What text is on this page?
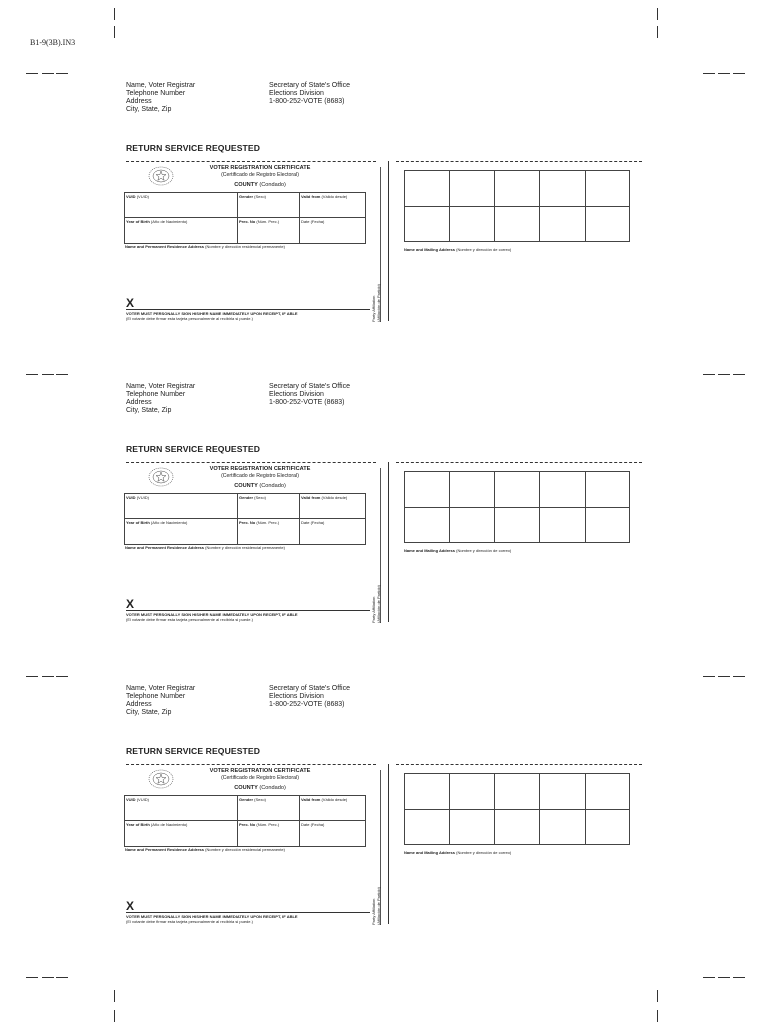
B1-9(3B).IN3
Name, Voter Registrar
Telephone Number
Address
City, State, Zip
Secretary of State's Office
Elections Division
1-800-252-VOTE (8683)
RETURN SERVICE REQUESTED
VOTER REGISTRATION CERTIFICATE
(Certificado de Registro Electoral)
COUNTY (Condado)
VUID (VUID)	Gender (Sexo)	Valid from (Válido desde)
Year of Birth (Año de Nacimiento)	Prec. No (Núm. Prec.)	Date (Fecha)
Name and Permanent Residence Address (Nombre y dirección residencial permanente)
X
VOTER MUST PERSONALLY SIGN HIS/HER NAME IMMEDIATELY UPON RECEIPT, IF ABLE
(El votante debe firmar esta tarjeta personalmente al recibirla si puede.)	Party Affiliation
(Afiliación de Partido)
Name and Mailing Address (Nombre y dirección de correo)
Name, Voter Registrar
Telephone Number
Address
City, State, Zip
Secretary of State's Office
Elections Division
1-800-252-VOTE (8683)
RETURN SERVICE REQUESTED
VOTER REGISTRATION CERTIFICATE
(Certificado de Registro Electoral)
COUNTY (Condado)
VUID (VUID)	Gender (Sexo)	Valid from (Válido desde)
Year of Birth (Año de Nacimiento)	Prec. No (Núm. Prec.)	Date (Fecha)
Name and Permanent Residence Address (Nombre y dirección residencial permanente)
X
VOTER MUST PERSONALLY SIGN HIS/HER NAME IMMEDIATELY UPON RECEIPT, IF ABLE
(El votante debe firmar esta tarjeta personalmente al recibirla si puede.)	Party Affiliation
(Afiliación de Partido)
Name and Mailing Address (Nombre y dirección de correo)
Name, Voter Registrar
Telephone Number
Address
City, State, Zip
Secretary of State's Office
Elections Division
1-800-252-VOTE (8683)
RETURN SERVICE REQUESTED
VOTER REGISTRATION CERTIFICATE
(Certificado de Registro Electoral)
COUNTY (Condado)
VUID (VUID)	Gender (Sexo)	Valid from (Válido desde)
Year of Birth (Año de Nacimiento)	Prec. No (Núm. Prec.)	Date (Fecha)
Name and Permanent Residence Address (Nombre y dirección residencial permanente)
X
VOTER MUST PERSONALLY SIGN HIS/HER NAME IMMEDIATELY UPON RECEIPT, IF ABLE
(El votante debe firmar esta tarjeta personalmente al recibirla si puede.)	Party Affiliation
(Afiliación de Partido)
Name and Mailing Address (Nombre y dirección de correo)
